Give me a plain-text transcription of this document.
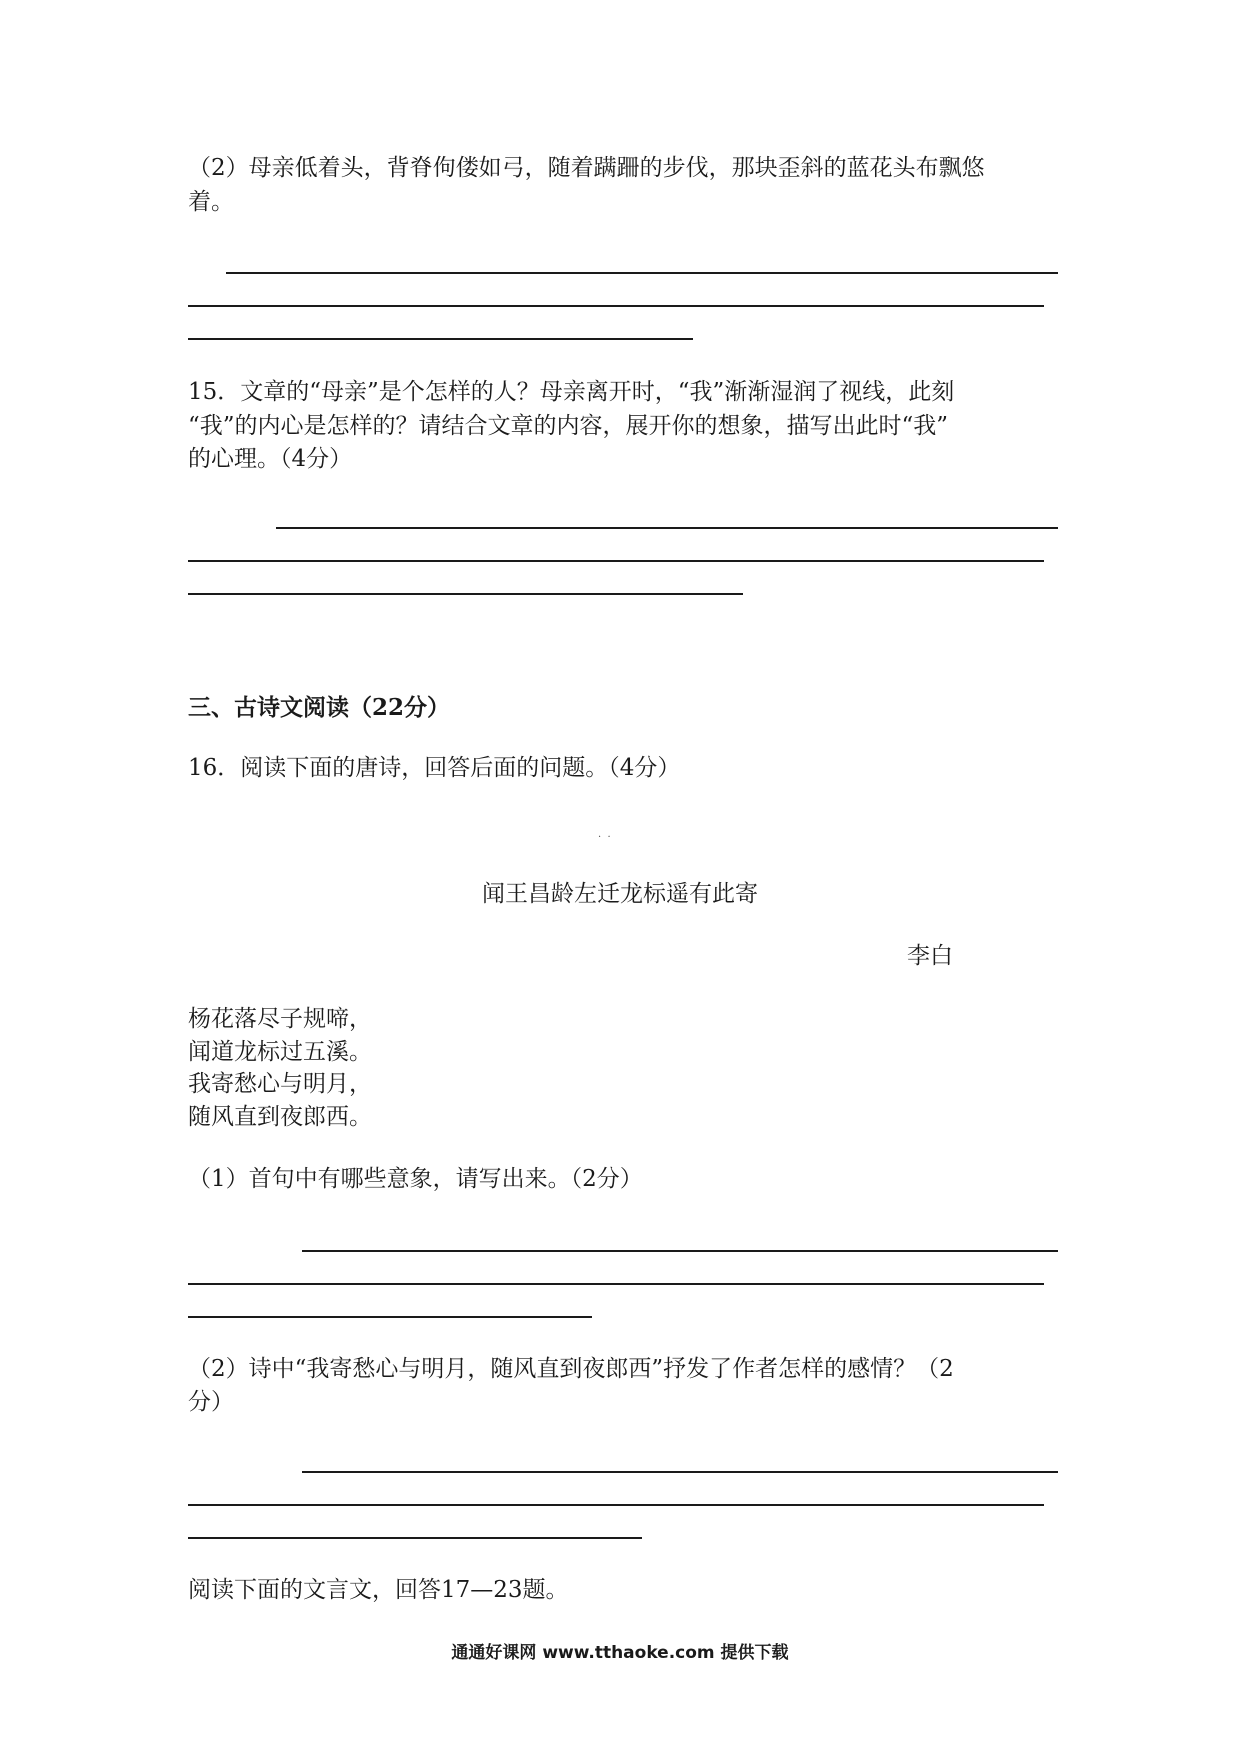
（2）母亲低着头，背脊佝偻如弓，随着蹒跚的步伐，那块歪斜的蓝花头布飘悠
着。
15．文章的“母亲”是个怎样的人？母亲离开时，“我”渐渐湿润了视线，此刻
“我”的内心是怎样的？请结合文章的内容，展开你的想象，描写出此时“我”
的心理。（4分）
三、古诗文阅读（22分）
16．阅读下面的唐诗，回答后面的问题。（4分）
·  ·
闻王昌龄左迁龙标遥有此寄
李白
杨花落尽子规啼，
闻道龙标过五溪。
我寄愁心与明月，
随风直到夜郎西。
（1）首句中有哪些意象，请写出来。（2分）
（2）诗中“我寄愁心与明月，随风直到夜郎西”抒发了作者怎样的感情？（2
分）
阅读下面的文言文，回答17—23题。
通通好课网 www.tthaoke.com 提供下载
